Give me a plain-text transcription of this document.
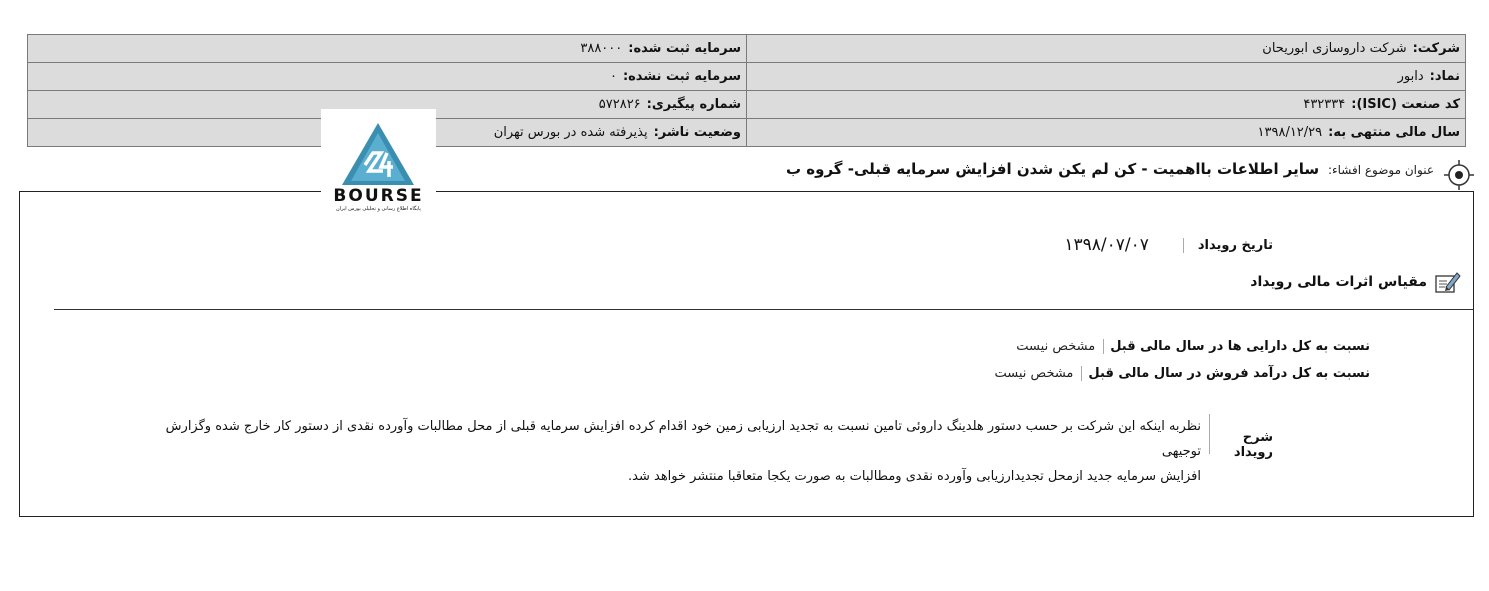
شرکت:شرکت داروسازی ابوریحان	سرمایه ثبت شده:۳۸۸۰۰۰
نماد:دابور	سرمایه ثبت نشده:۰
کد صنعت (ISIC):۴۳۲۳۳۴	شماره پیگیری:۵۷۲۸۲۶
سال مالی منتهی به:۱۳۹۸/۱۲/۲۹	وضعیت ناشر:پذیرفته شده در بورس تهران
BOURSE
پایگاه اطلاع رسانی و تحلیلی بورس ایران
عنوان موضوع افشاء: سایر اطلاعات بااهمیت - کن لم یکن شدن افزایش سرمایه قبلی- گروه ب
تاریخ رویداد
۱۳۹۸/۰۷/۰۷
مقیاس اثرات مالی رویداد
نسبت به کل دارایی ها در سال مالی قبل
مشخص نیست
نسبت به کل درآمد فروش در سال مالی قبل
مشخص نیست
شرح رویداد
نظربه اینکه این شرکت بر حسب دستور هلدینگ داروئی تامین نسبت به تجدید ارزیابی زمین خود اقدام کرده افزایش سرمایه قبلی از محل مطالبات وآورده نقدی از دستور کار خارج شده وگزارش توجیهی
افزایش سرمایه جدید ازمحل تجدیدارزیابی وآورده نقدی ومطالبات به صورت یکجا متعاقبا منتشر خواهد شد.
